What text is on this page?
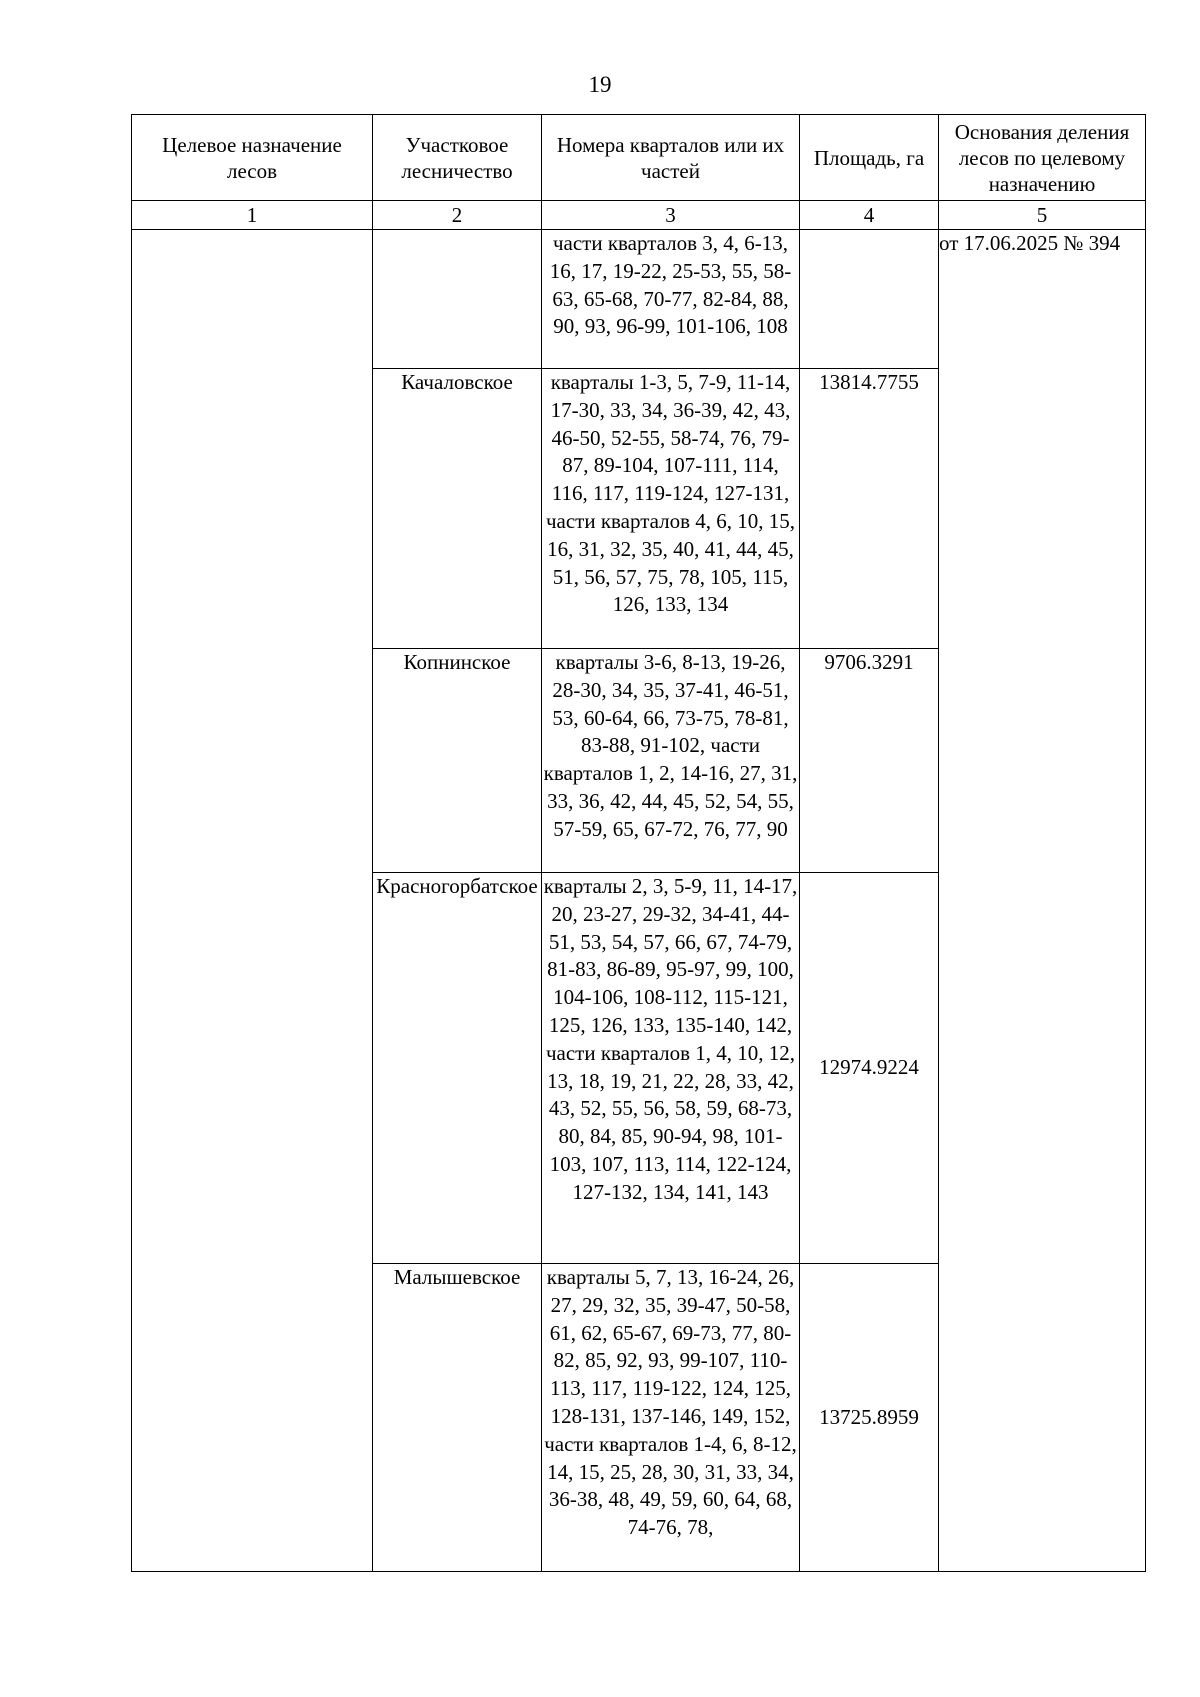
19
Целевое назначение лесов	Участковое лесничество	Номера кварталов или их частей	Площадь, га	Основания деления лесов по целевому назначению
1	2	3	4	5
		части кварталов 3, 4, 6-13, 16, 17, 19-22, 25-53, 55, 58-63, 65-68, 70-77, 82-84, 88, 90, 93, 96-99, 101-106, 108		от 17.06.2025 № 394
	Качаловское	кварталы 1-3, 5, 7-9, 11-14, 17-30, 33, 34, 36-39, 42, 43, 46-50, 52-55, 58-74, 76, 79-87, 89-104, 107-111, 114, 116, 117, 119-124, 127-131, части кварталов 4, 6, 10, 15, 16, 31, 32, 35, 40, 41, 44, 45, 51, 56, 57, 75, 78, 105, 115, 126, 133, 134	13814.7755	
	Копнинское	кварталы 3-6, 8-13, 19-26, 28-30, 34, 35, 37-41, 46-51, 53, 60-64, 66, 73-75, 78-81, 83-88, 91-102, части кварталов 1, 2, 14-16, 27, 31, 33, 36, 42, 44, 45, 52, 54, 55, 57-59, 65, 67-72, 76, 77, 90	9706.3291	
	Красногорбатское	кварталы 2, 3, 5-9, 11, 14-17, 20, 23-27, 29-32, 34-41, 44-51, 53, 54, 57, 66, 67, 74-79, 81-83, 86-89, 95-97, 99, 100, 104-106, 108-112, 115-121, 125, 126, 133, 135-140, 142, части кварталов 1, 4, 10, 12, 13, 18, 19, 21, 22, 28, 33, 42, 43, 52, 55, 56, 58, 59, 68-73, 80, 84, 85, 90-94, 98, 101-103, 107, 113, 114, 122-124, 127-132, 134, 141, 143	12974.9224	
	Малышевское	кварталы 5, 7, 13, 16-24, 26, 27, 29, 32, 35, 39-47, 50-58, 61, 62, 65-67, 69-73, 77, 80-82, 85, 92, 93, 99-107, 110-113, 117, 119-122, 124, 125, 128-131, 137-146, 149, 152, части кварталов 1-4, 6, 8-12, 14, 15, 25, 28, 30, 31, 33, 34, 36-38, 48, 49, 59, 60, 64, 68, 74-76, 78,	13725.8959	
